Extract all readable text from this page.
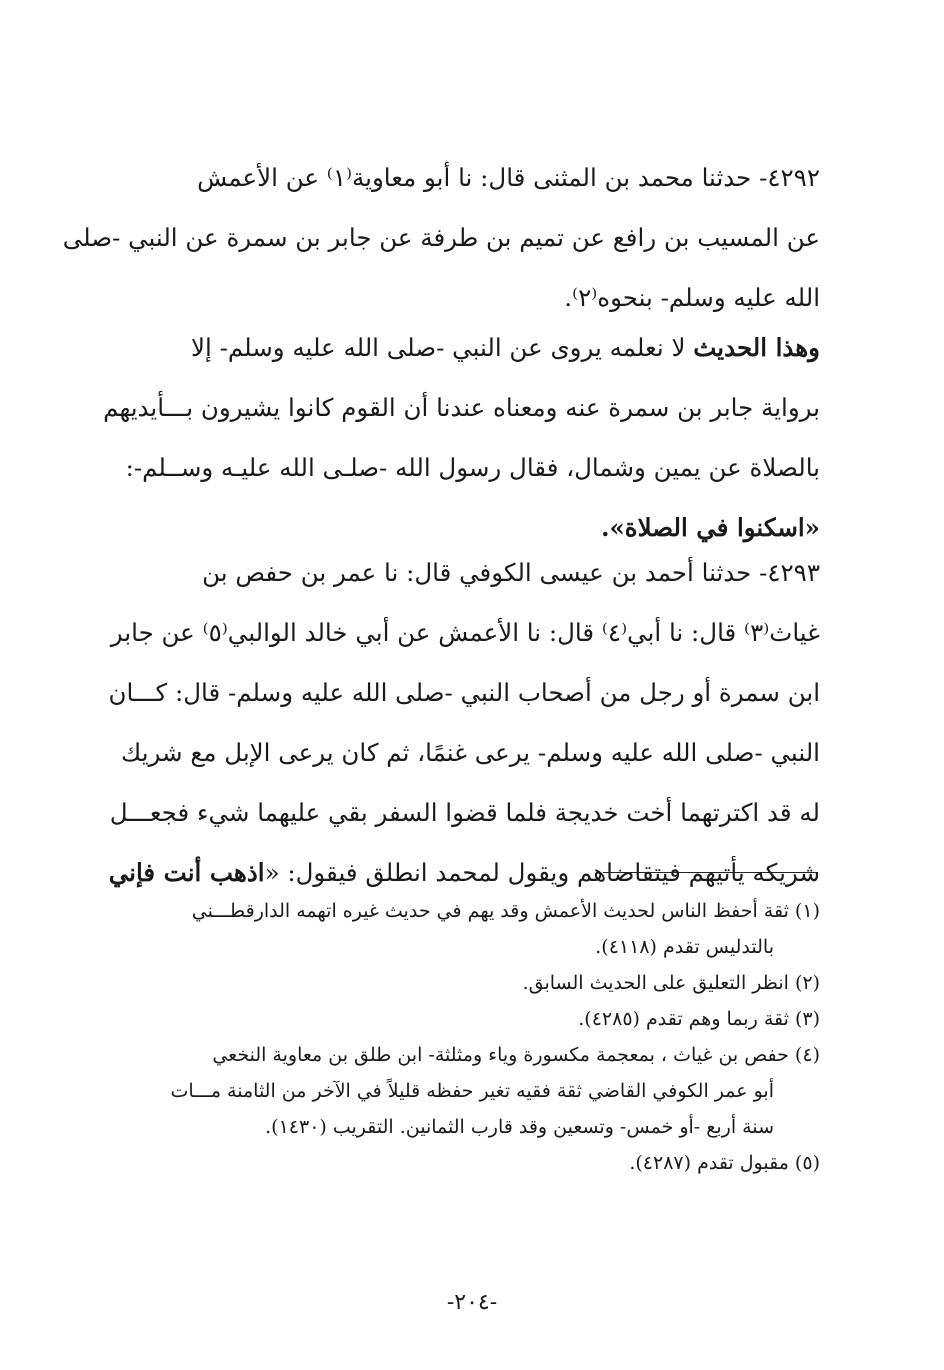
٤٢٩٢- حدثنا محمد بن المثنى قال: نا أبو معاوية⁽١⁾ عن الأعمش
عن المسيب بن رافع عن تميم بن طرفة عن جابر بن سمرة عن النبي -صلى
الله عليه وسلم- بنحوه⁽٢⁾.
وهذا الحديث لا نعلمه يروى عن النبي -صلى الله عليه وسلم- إلا
برواية جابر بن سمرة عنه ومعناه عندنا أن القوم كانوا يشيرون بـــأيديهم
بالصلاة عن يمين وشمال، فقال رسول الله -صلـى الله عليـه وســلم-:
«اسكنوا في الصلاة».
٤٢٩٣- حدثنا أحمد بن عيسى الكوفي قال: نا عمر بن حفص بن
غياث⁽٣⁾ قال: نا أبي⁽٤⁾ قال: نا الأعمش عن أبي خالد الوالبي⁽٥⁾ عن جابر
ابن سمرة أو رجل من أصحاب النبي -صلى الله عليه وسلم- قال: كـــان
النبي -صلى الله عليه وسلم- يرعى غنمًا، ثم كان يرعى الإبل مع شريك
له قد اكترتهما أخت خديجة فلما قضوا السفر بقي عليهما شيء فجعـــل
شريكه يأتيهم فيتقاضاهم ويقول لمحمد انطلق فيقول: «اذهب أنت فإني
(١) ثقة أحفظ الناس لحديث الأعمش وقد يهم في حديث غيره اتهمه الدارقطـــني
بالتدليس تقدم (٤١١٨).
(٢) انظر التعليق على الحديث السابق.
(٣) ثقة ربما وهم تقدم (٤٢٨٥).
(٤) حفص بن غياث ، بمعجمة مكسورة وياء ومثلثة- ابن طلق بن معاوية النخعي
أبو عمر الكوفي القاضي ثقة فقيه تغير حفظه قليلاً في الآخر من الثامنة مـــات
سنة أربع -أو خمس- وتسعين وقد قارب الثمانين. التقريب (١٤٣٠).
(٥) مقبول تقدم (٤٢٨٧).
-٢٠٤-
